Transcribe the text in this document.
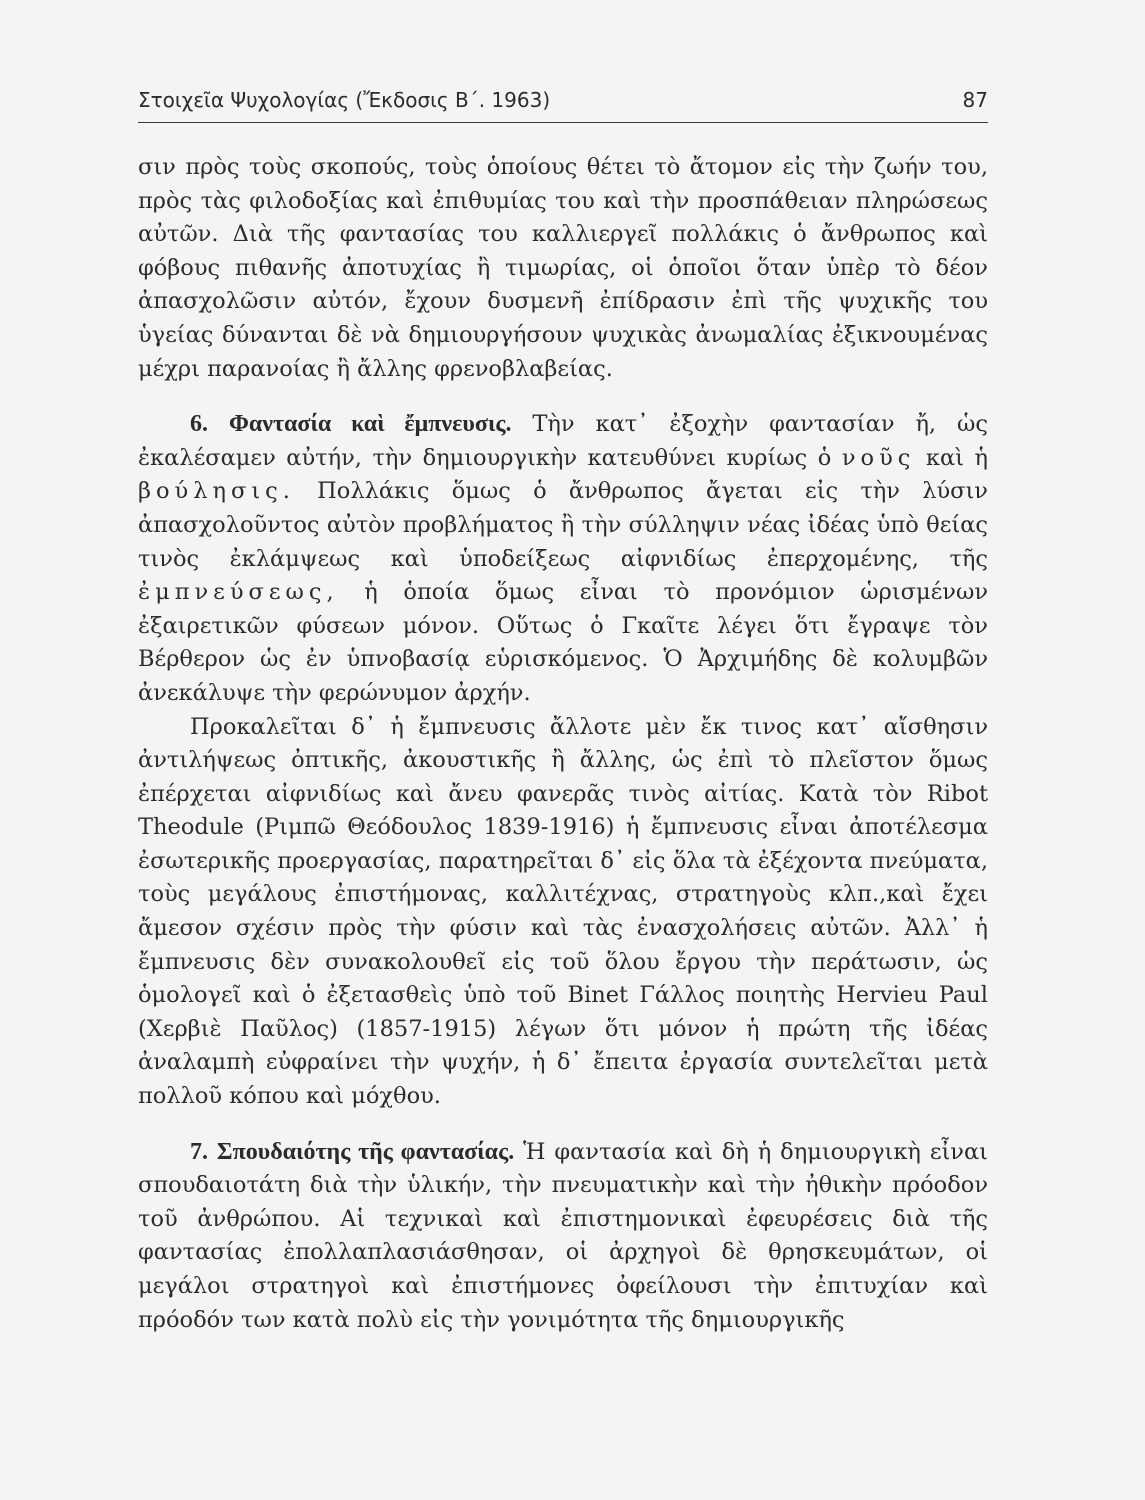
Στοιχεῖα Ψυχολογίας (Ἔκδοσις Β΄. 1963)	87

σιν πρὸς τοὺς σκοπούς, τοὺς ὁποίους θέτει τὸ ἄτομον εἰς τὴν ζωήν του, πρὸς τὰς φιλοδοξίας καὶ ἐπιθυμίας του καὶ τὴν προσπάθειαν πληρώσεως αὐτῶν. Διὰ τῆς φαντασίας του καλλιεργεῖ πολλάκις ὁ ἄνθρωπος καὶ φόβους πιθανῆς ἀποτυχίας ἢ τιμωρίας, οἱ ὁποῖοι ὅταν ὑπὲρ τὸ δέον ἀπασχολῶσιν αὐτόν, ἔχουν δυσμενῆ ἐπίδρασιν ἐπὶ τῆς ψυχικῆς του ὑγείας δύνανται δὲ νὰ δημιουργήσουν ψυχικὰς ἀνωμαλίας ἐξικνουμένας μέχρι παρανοίας ἢ ἄλλης φρενοβλαβείας.

6. Φαντασία καὶ ἔμπνευσις. Τὴν κατ᾽ ἐξοχὴν φαντασίαν ἤ, ὡς ἐκαλέσαμεν αὐτήν, τὴν δημιουργικὴν κατευθύνει κυρίως ὁ νοῦς καὶ ἡ βούλησις. Πολλάκις ὅμως ὁ ἄνθρωπος ἄγεται εἰς τὴν λύσιν ἀπασχολοῦντος αὐτὸν προβλήματος ἢ τὴν σύλληψιν νέας ἰδέας ὑπὸ θείας τινὸς ἐκλάμψεως καὶ ὑποδείξεως αἰφνιδίως ἐπερχομένης, τῆς ἐμπνεύσεως, ἡ ὁποία ὅμως εἶναι τὸ προνόμιον ὡρισμένων ἐξαιρετικῶν φύσεων μόνον. Οὕτως ὁ Γκαῖτε λέγει ὅτι ἔγραψε τὸν Βέρθερον ὡς ἐν ὑπνοβασίᾳ εὑρισκόμενος. Ὁ Ἀρχιμήδης δὲ κολυμβῶν ἀνεκάλυψε τὴν φερώνυμον ἀρχήν.

Προκαλεῖται δ᾽ ἡ ἔμπνευσις ἄλλοτε μὲν ἔκ τινος κατ᾽ αἴσθησιν ἀντιλήψεως ὀπτικῆς, ἀκουστικῆς ἢ ἄλλης, ὡς ἐπὶ τὸ πλεῖστον ὅμως ἐπέρχεται αἰφνιδίως καὶ ἄνευ φανερᾶς τινὸς αἰτίας. Κατὰ τὸν Ribot Theodule (Ριμπῶ Θεόδουλος 1839-1916) ἡ ἔμπνευσις εἶναι ἀποτέλεσμα ἐσωτερικῆς προεργασίας, παρατηρεῖται δ᾽ εἰς ὅλα τὰ ἐξέχοντα πνεύματα, τοὺς μεγάλους ἐπιστήμονας, καλλιτέχνας, στρατηγοὺς κλπ.,καὶ ἔχει ἄμεσον σχέσιν πρὸς τὴν φύσιν καὶ τὰς ἐνασχολήσεις αὐτῶν. Ἀλλ᾽ ἡ ἔμπνευσις δὲν συνακολουθεῖ εἰς τοῦ ὅλου ἔργου τὴν περάτωσιν, ὡς ὁμολογεῖ καὶ ὁ ἐξετασθεὶς ὑπὸ τοῦ Binet Γάλλος ποιητὴς Hervieu Paul (Χερβιὲ Παῦλος) (1857-1915) λέγων ὅτι μόνον ἡ πρώτη τῆς ἰδέας ἀναλαμπὴ εὐφραίνει τὴν ψυχήν, ἡ δ᾽ ἔπειτα ἐργασία συντελεῖται μετὰ πολλοῦ κόπου καὶ μόχθου.

7. Σπουδαιότης τῆς φαντασίας. Ἡ φαντασία καὶ δὴ ἡ δημιουργικὴ εἶναι σπουδαιοτάτη διὰ τὴν ὑλικήν, τὴν πνευματικὴν καὶ τὴν ἠθικὴν πρόοδον τοῦ ἀνθρώπου. Αἱ τεχνικαὶ καὶ ἐπιστημονικαὶ ἐφευρέσεις διὰ τῆς φαντασίας ἐπολλαπλασιάσθησαν, οἱ ἀρχηγοὶ δὲ θρησκευμάτων, οἱ μεγάλοι στρατηγοὶ καὶ ἐπιστήμονες ὀφείλουσι τὴν ἐπιτυχίαν καὶ πρόοδόν των κατὰ πολὺ εἰς τὴν γονιμότητα τῆς δημιουργικῆς
